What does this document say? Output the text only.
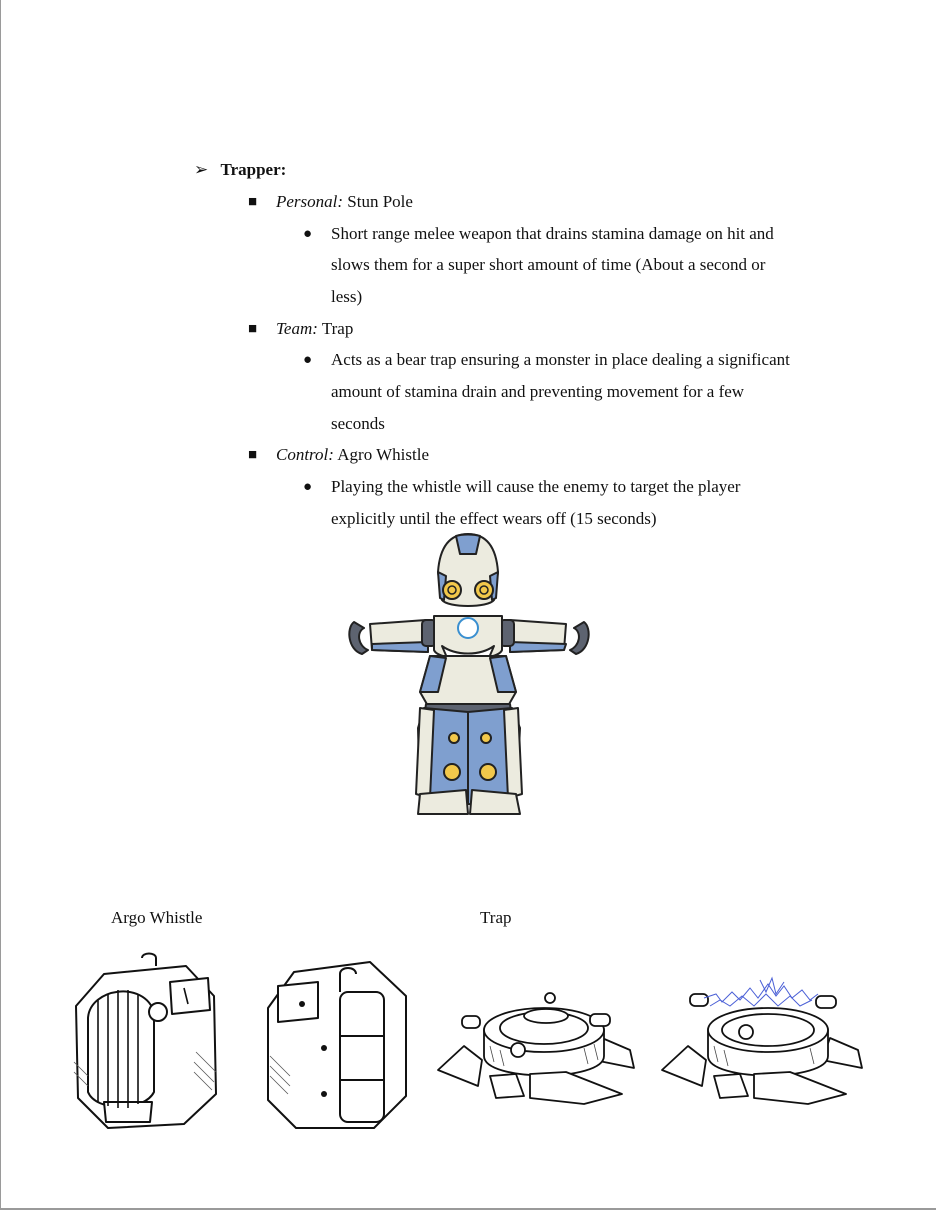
➢ Trapper:
■ Personal: Stun Pole
● Short range melee weapon that drains stamina damage on hit and
slows them for a super short amount of time (About a second or
less)
■ Team: Trap
● Acts as a bear trap ensuring a monster in place dealing a significant
amount of stamina drain and preventing movement for a few
seconds
■ Control: Agro Whistle
● Playing the whistle will cause the enemy to target the player
explicitly until the effect wears off (15 seconds)
Argo Whistle	Trap
